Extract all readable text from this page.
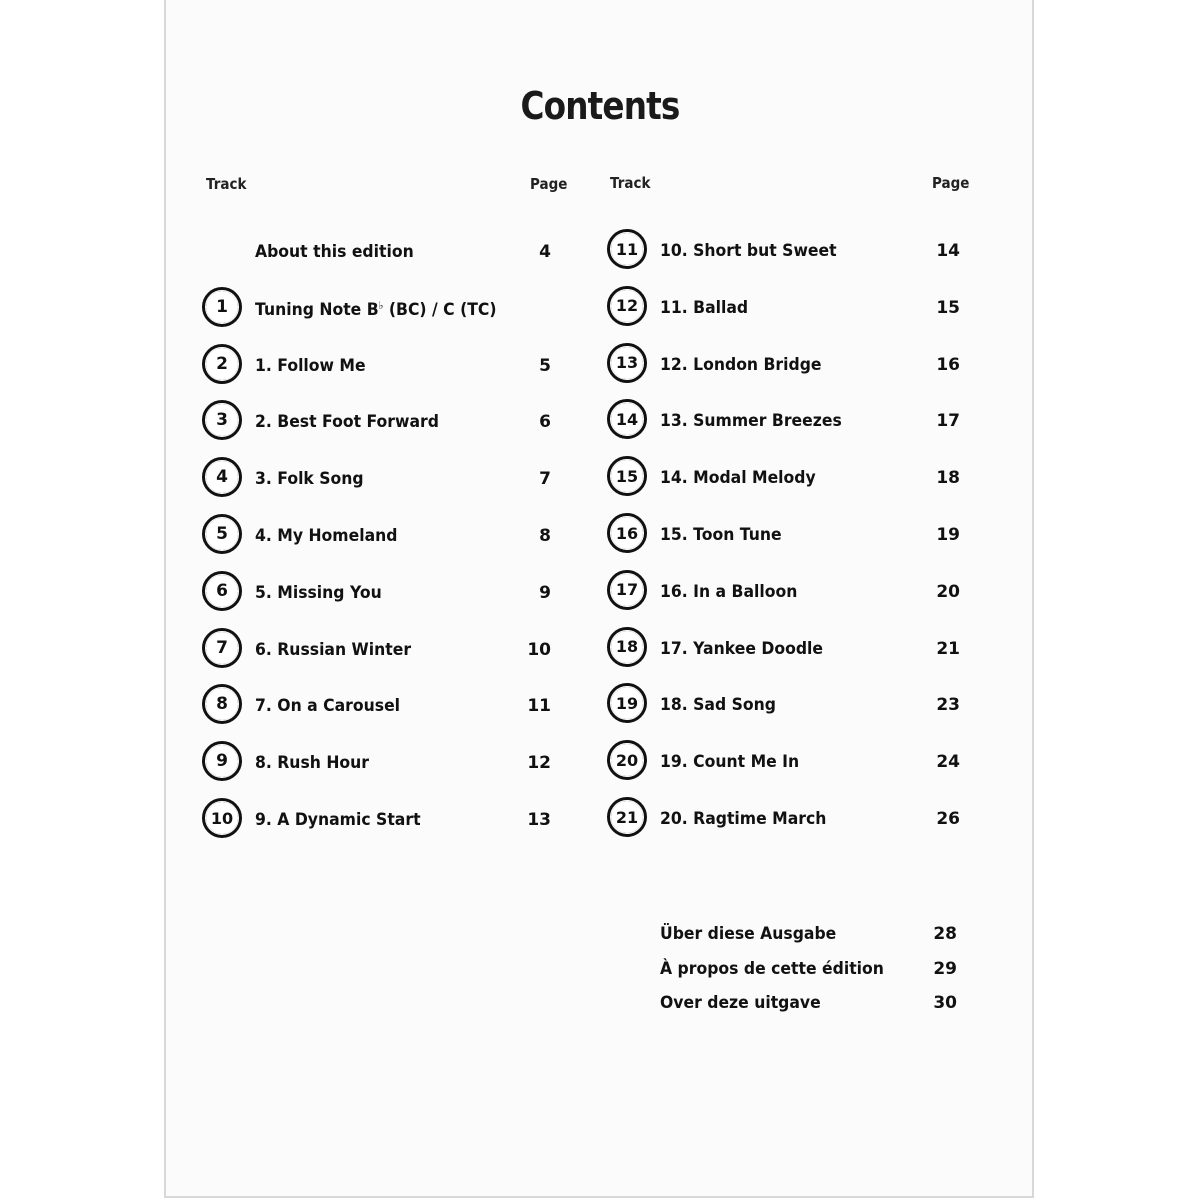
Contents
Track	Page	Track	Page
About this edition	4
1	Tuning Note B♭ (BC) / C (TC)
2	1. Follow Me	5
3	2. Best Foot Forward	6
4	3. Folk Song	7
5	4. My Homeland	8
6	5. Missing You	9
7	6. Russian Winter	10
8	7. On a Carousel	11
9	8. Rush Hour	12
10	9. A Dynamic Start	13
11	10. Short but Sweet	14
12	11. Ballad	15
13	12. London Bridge	16
14	13. Summer Breezes	17
15	14. Modal Melody	18
16	15. Toon Tune	19
17	16. In a Balloon	20
18	17. Yankee Doodle	21
19	18. Sad Song	23
20	19. Count Me In	24
21	20. Ragtime March	26
Über diese Ausgabe	28
À propos de cette édition	29
Over deze uitgave	30
